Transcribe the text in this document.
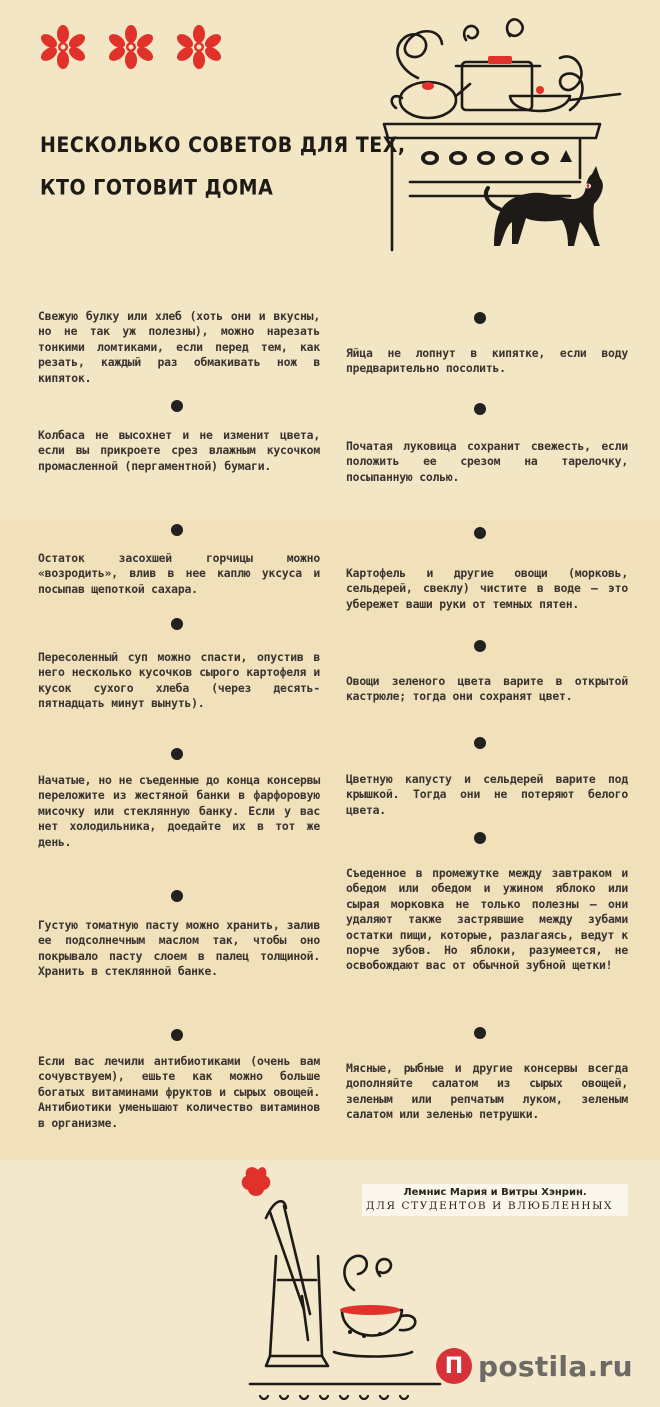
НЕСКОЛЬКО СОВЕТОВ ДЛЯ ТЕХ,
КТО ГОТОВИТ ДОМА
Свежую булку или хлеб (хоть они и вкусны, но не так уж полезны), можно нарезать тонкими ломтиками, если перед тем, как резать, каждый раз обмакивать нож в кипяток.
Колбаса не высохнет и не изменит цвета, если вы прикроете срез влажным кусочком промасленной (пергаментной) бумаги.
Остаток засохшей горчицы можно «возродить», влив в нее каплю уксуса и посыпав щепоткой сахара.
Пересоленный суп можно спасти, опустив в него несколько кусочков сырого картофеля и кусок сухого хлеба (через десять-пятнадцать минут вынуть).
Начатые, но не съеденные до конца консервы переложите из жестяной банки в фарфоровую мисочку или стеклянную банку. Если у вас нет холодильника, доедайте их в тот же день.
Густую томатную пасту можно хранить, залив ее подсолнечным маслом так, чтобы оно покрывало пасту слоем в палец толщиной. Хранить в стеклянной банке.
Если вас лечили антибиотиками (очень вам сочувствуем), ешьте как можно больше богатых витаминами фруктов и сырых овощей. Антибиотики уменьшают количество витаминов в организме.
Яйца не лопнут в кипятке, если воду предварительно посолить.
Початая луковица сохранит свежесть, если положить ее срезом на тарелочку, посыпанную солью.
Картофель и другие овощи (морковь, сельдерей, свеклу) чистите в воде — это убережет ваши руки от темных пятен.
Овощи зеленого цвета варите в открытой кастрюле; тогда они сохранят цвет.
Цветную капусту и сельдерей варите под крышкой. Тогда они не потеряют белого цвета.
Съеденное в промежутке между завтраком и обедом или обедом и ужином яблоко или сырая морковка не только полезны — они удаляют также застрявшие между зубами остатки пищи, которые, разлагаясь, ведут к порче зубов. Но яблоки, разумеется, не освобождают вас от обычной зубной щетки!
Мясные, рыбные и другие консервы всегда дополняйте салатом из сырых овощей, зеленым или репчатым луком, зеленым салатом или зеленью петрушки.
Лемнис Мария и Витры Хэнрин.
ДЛЯ СТУДЕНТОВ И ВЛЮБЛЕННЫХ
П postila.ru
